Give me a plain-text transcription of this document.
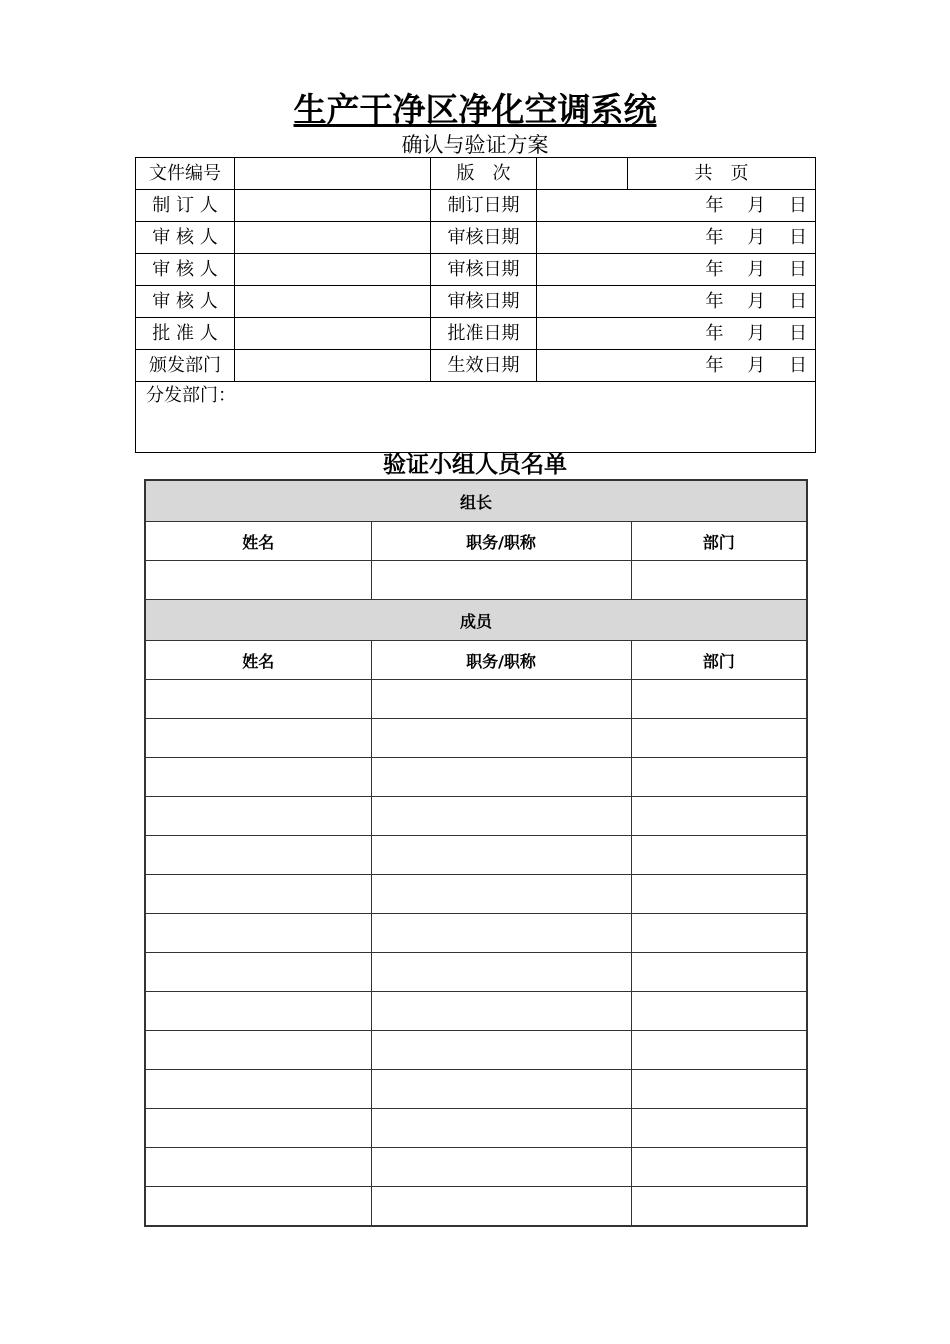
生产干净区净化空调系统
确认与验证方案
文件编号		版　次		共　页
制 订 人		制订日期	年　 月　 日	
审 核 人		审核日期	年　 月　 日	
审 核 人		审核日期	年　 月　 日	
审 核 人		审核日期	年　 月　 日	
批 准 人		批准日期	年　 月　 日	
颁发部门		生效日期	年　 月　 日	
分发部门：				
验证小组人员名单
组长		
姓名	职务/职称	部门

成员		
姓名	职务/职称	部门
